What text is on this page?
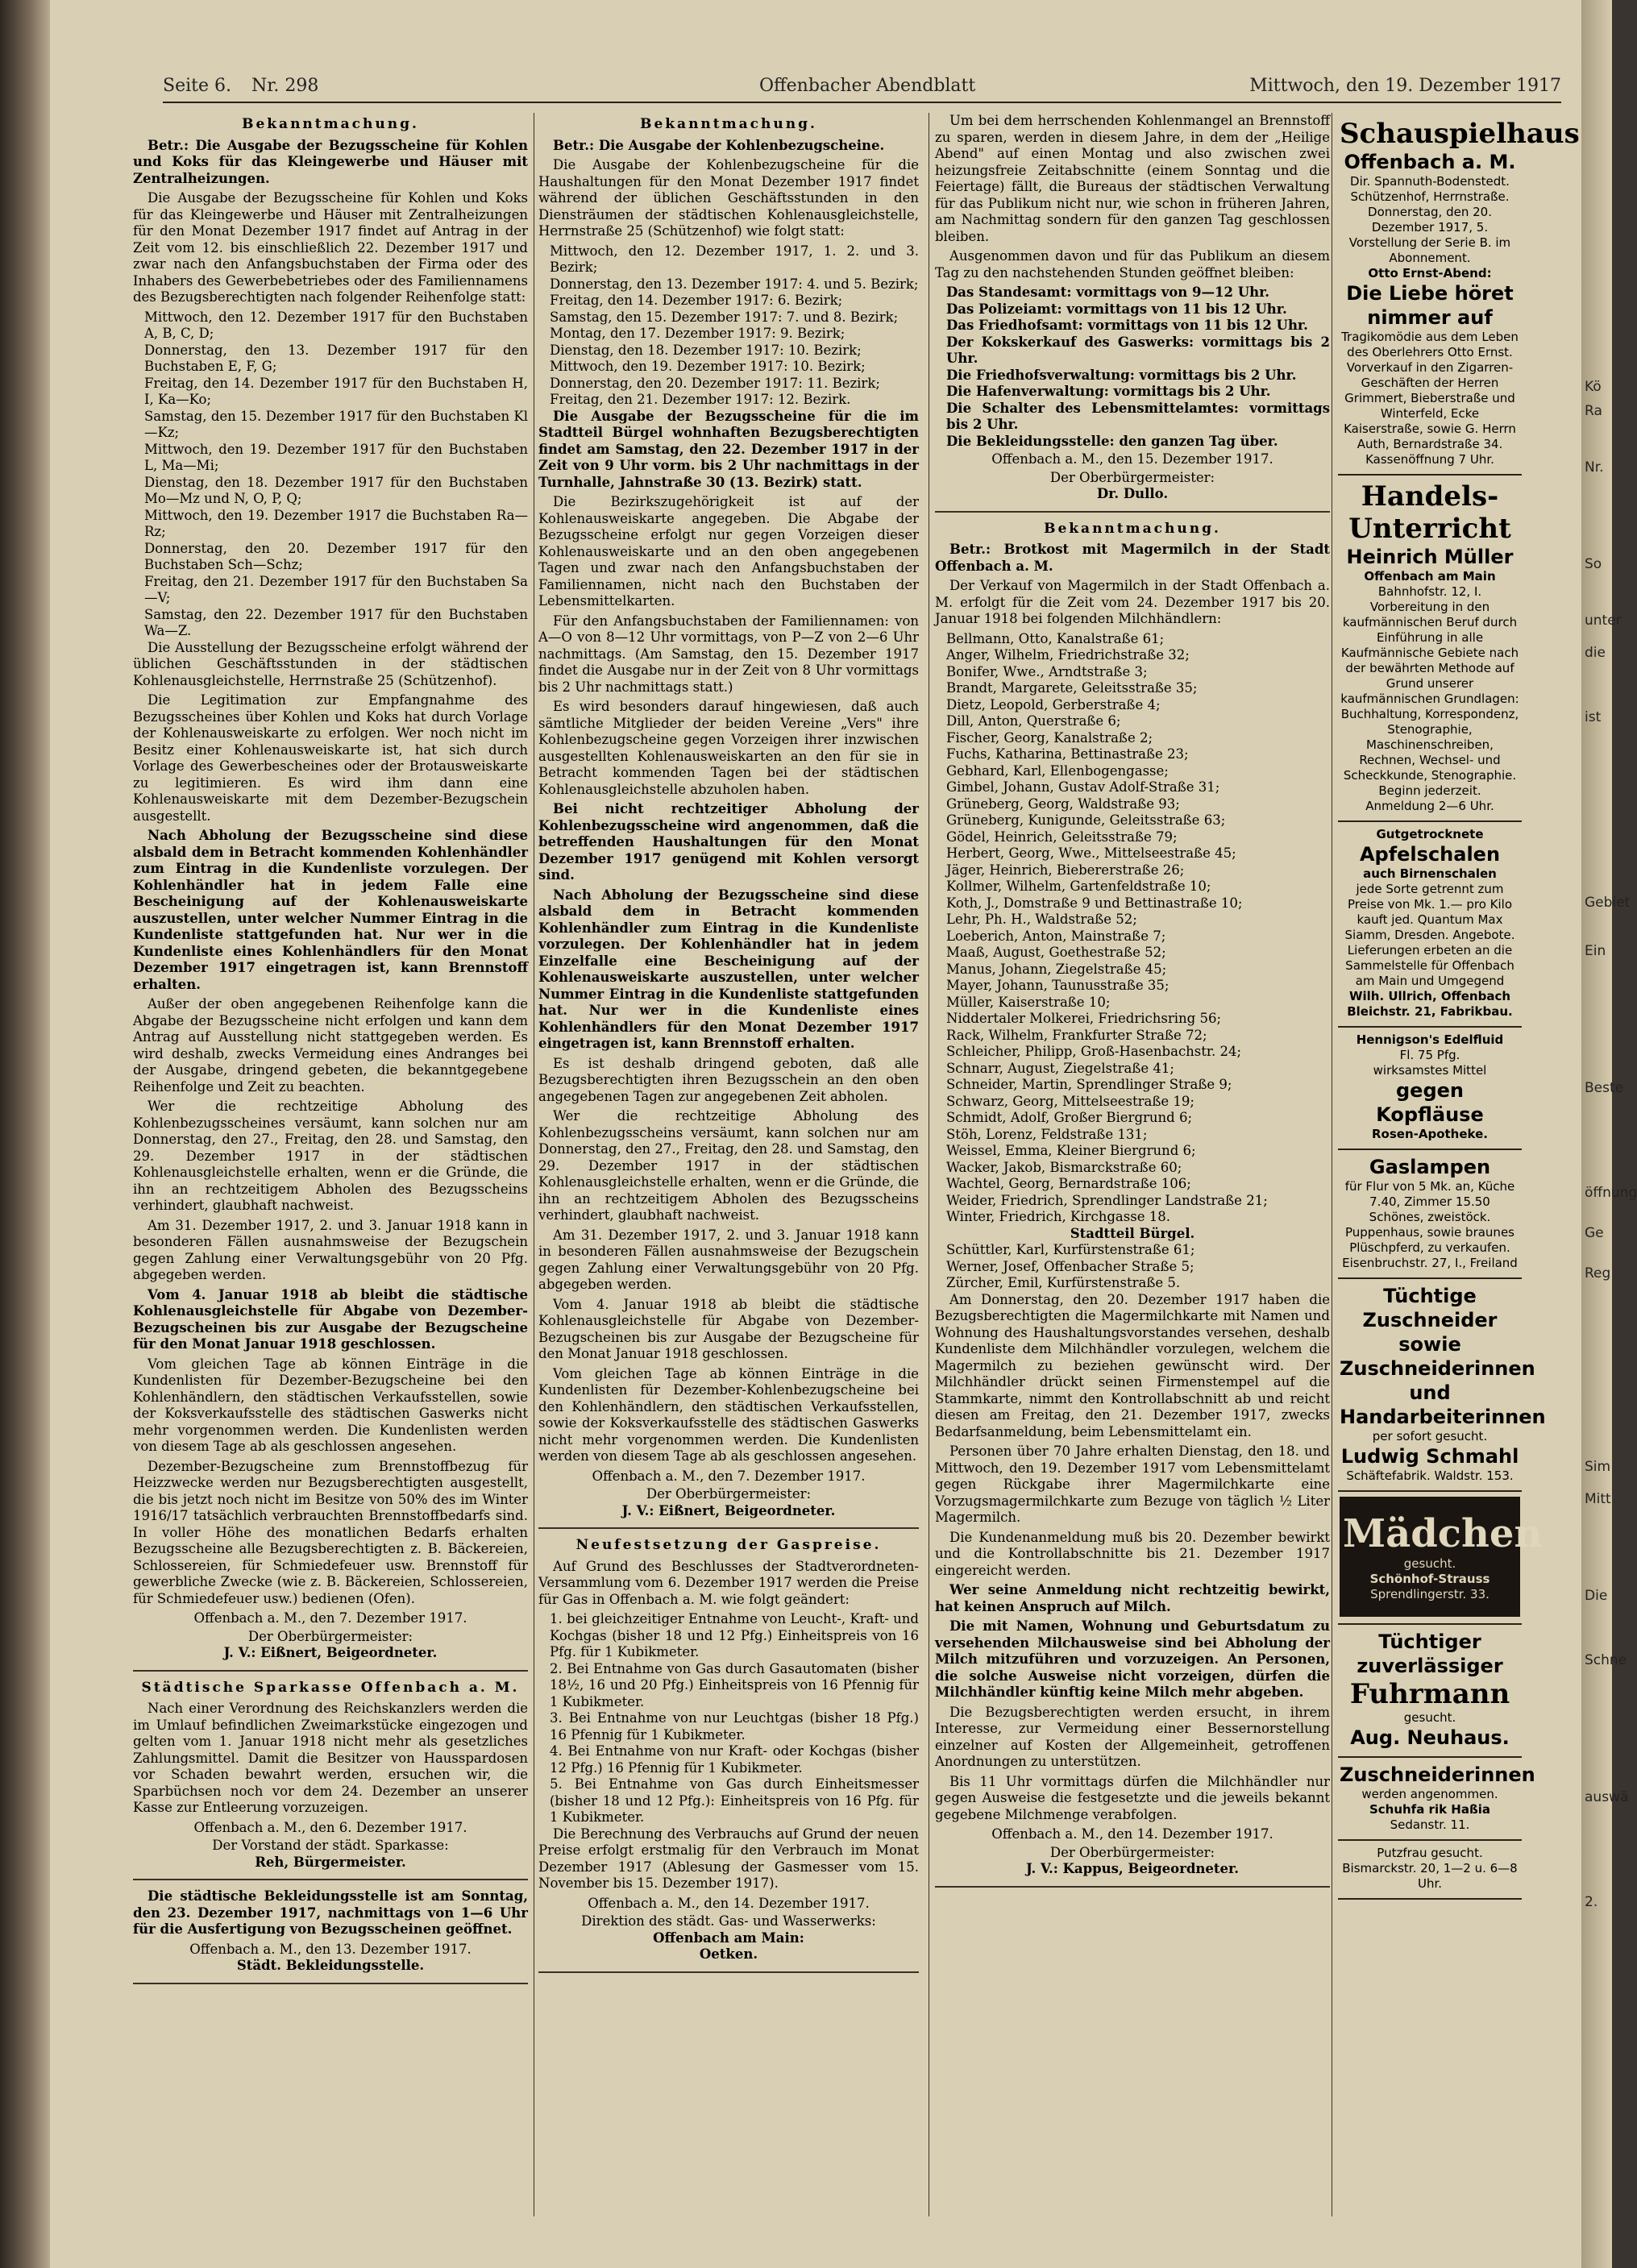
Seite 6. Nr. 298	Offenbacher Abendblatt	Mittwoch, den 19. Dezember 1917
Bekanntmachung.

Betr.: Die Ausgabe der Bezugsscheine für Kohlen und Koks für das Kleingewerbe und Häuser mit Zentralheizungen.

Die Ausgabe der Bezugsscheine für Kohlen und Koks für das Kleingewerbe und Häuser mit Zentralheizungen für den Monat Dezember 1917 findet auf Antrag in der Zeit vom 12. bis einschließlich 22. Dezember 1917 und zwar nach den Anfangsbuchstaben der Firma oder des Inhabers des Gewerbebetriebes oder des Familiennamens des Bezugsberechtigten nach folgender Reihenfolge statt:

Mittwoch, den 12. Dezember 1917 für den Buchstaben A, B, C, D;

Donnerstag, den 13. Dezember 1917 für den Buchstaben E, F, G;

Freitag, den 14. Dezember 1917 für den Buchstaben H, I, Ka—Ko;

Samstag, den 15. Dezember 1917 für den Buchstaben Kl—Kz;

Mittwoch, den 19. Dezember 1917 für den Buchstaben L, Ma—Mi;

Dienstag, den 18. Dezember 1917 für den Buchstaben Mo—Mz und N, O, P, Q;

Mittwoch, den 19. Dezember 1917 die Buchstaben Ra—Rz;

Donnerstag, den 20. Dezember 1917 für den Buchstaben Sch—Schz;

Freitag, den 21. Dezember 1917 für den Buchstaben Sa—V;

Samstag, den 22. Dezember 1917 für den Buchstaben Wa—Z.

Die Ausstellung der Bezugsscheine erfolgt während der üblichen Geschäftsstunden in der städtischen Kohlenausgleichstelle, Herrnstraße 25 (Schützenhof).

Die Legitimation zur Empfangnahme des Bezugsscheines über Kohlen und Koks hat durch Vorlage der Kohlenausweiskarte zu erfolgen. Wer noch nicht im Besitz einer Kohlenausweiskarte ist, hat sich durch Vorlage des Gewerbescheines oder der Brotausweiskarte zu legitimieren. Es wird ihm dann eine Kohlenausweiskarte mit dem Dezember-Bezugschein ausgestellt.

Nach Abholung der Bezugsscheine sind diese alsbald dem in Betracht kommenden Kohlenhändler zum Eintrag in die Kundenliste vorzulegen. Der Kohlenhändler hat in jedem Falle eine Bescheinigung auf der Kohlenausweiskarte auszustellen, unter welcher Nummer Eintrag in die Kundenliste stattgefunden hat. Nur wer in die Kundenliste eines Kohlenhändlers für den Monat Dezember 1917 eingetragen ist, kann Brennstoff erhalten.

Außer der oben angegebenen Reihenfolge kann die Abgabe der Bezugsscheine nicht erfolgen und kann dem Antrag auf Ausstellung nicht stattgegeben werden. Es wird deshalb, zwecks Vermeidung eines Andranges bei der Ausgabe, dringend gebeten, die bekanntgegebene Reihenfolge und Zeit zu beachten.

Wer die rechtzeitige Abholung des Kohlenbezugsscheines versäumt, kann solchen nur am Donnerstag, den 27., Freitag, den 28. und Samstag, den 29. Dezember 1917 in der städtischen Kohlenausgleichstelle erhalten, wenn er die Gründe, die ihn an rechtzeitigem Abholen des Bezugsscheins verhindert, glaubhaft nachweist.

Am 31. Dezember 1917, 2. und 3. Januar 1918 kann in besonderen Fällen ausnahmsweise der Bezugschein gegen Zahlung einer Verwaltungsgebühr von 20 Pfg. abgegeben werden.

Vom 4. Januar 1918 ab bleibt die städtische Kohlenausgleichstelle für Abgabe von Dezember-Bezugscheinen bis zur Ausgabe der Bezugscheine für den Monat Januar 1918 geschlossen.

Vom gleichen Tage ab können Einträge in die Kundenlisten für Dezember-Bezugscheine bei den Kohlenhändlern, den städtischen Verkaufsstellen, sowie der Koksverkaufsstelle des städtischen Gaswerks nicht mehr vorgenommen werden. Die Kundenlisten werden von diesem Tage ab als geschlossen angesehen.

Dezember-Bezugscheine zum Brennstoffbezug für Heizzwecke werden nur Bezugsberechtigten ausgestellt, die bis jetzt noch nicht im Besitze von 50% des im Winter 1916/17 tatsächlich verbrauchten Brennstoffbedarfs sind. In voller Höhe des monatlichen Bedarfs erhalten Bezugsscheine alle Bezugsberechtigten z. B. Bäckereien, Schlossereien, für Schmiedefeuer usw. Brennstoff für gewerbliche Zwecke (wie z. B. Bäckereien, Schlossereien, für Schmiedefeuer usw.) bedienen (Ofen).

Offenbach a. M., den 7. Dezember 1917.

Der Oberbürgermeister:

J. V.: Eißnert, Beigeordneter.

Städtische Sparkasse Offenbach a. M.

Nach einer Verordnung des Reichskanzlers werden die im Umlauf befindlichen Zweimarkstücke eingezogen und gelten vom 1. Januar 1918 nicht mehr als gesetzliches Zahlungsmittel. Damit die Besitzer von Hausspardosen vor Schaden bewahrt werden, ersuchen wir, die Sparbüchsen noch vor dem 24. Dezember an unserer Kasse zur Entleerung vorzuzeigen.

Offenbach a. M., den 6. Dezember 1917.

Der Vorstand der städt. Sparkasse:

Reh, Bürgermeister.

Die städtische Bekleidungsstelle ist am Sonntag, den 23. Dezember 1917, nachmittags von 1—6 Uhr für die Ausfertigung von Bezugsscheinen geöffnet.

Offenbach a. M., den 13. Dezember 1917.

Städt. Bekleidungsstelle.

Bekanntmachung.

Betr.: Die Ausgabe der Kohlenbezugscheine.

Die Ausgabe der Kohlenbezugscheine für die Haushaltungen für den Monat Dezember 1917 findet während der üblichen Geschäftsstunden in den Diensträumen der städtischen Kohlenausgleichstelle, Herrnstraße 25 (Schützenhof) wie folgt statt:

Mittwoch, den 12. Dezember 1917, 1. 2. und 3. Bezirk;

Donnerstag, den 13. Dezember 1917: 4. und 5. Bezirk;

Freitag, den 14. Dezember 1917: 6. Bezirk;

Samstag, den 15. Dezember 1917: 7. und 8. Bezirk;

Montag, den 17. Dezember 1917: 9. Bezirk;

Dienstag, den 18. Dezember 1917: 10. Bezirk;

Mittwoch, den 19. Dezember 1917: 10. Bezirk;

Donnerstag, den 20. Dezember 1917: 11. Bezirk;

Freitag, den 21. Dezember 1917: 12. Bezirk.

Die Ausgabe der Bezugsscheine für die im Stadtteil Bürgel wohnhaften Bezugsberechtigten findet am Samstag, den 22. Dezember 1917 in der Zeit von 9 Uhr vorm. bis 2 Uhr nachmittags in der Turnhalle, Jahnstraße 30 (13. Bezirk) statt.

Die Bezirkszugehörigkeit ist auf der Kohlenausweiskarte angegeben. Die Abgabe der Bezugsscheine erfolgt nur gegen Vorzeigen dieser Kohlenausweiskarte und an den oben angegebenen Tagen und zwar nach den Anfangsbuchstaben der Familiennamen, nicht nach den Buchstaben der Lebensmittelkarten.

Für den Anfangsbuchstaben der Familiennamen: von A—O von 8—12 Uhr vormittags, von P—Z von 2—6 Uhr nachmittags. (Am Samstag, den 15. Dezember 1917 findet die Ausgabe nur in der Zeit von 8 Uhr vormittags bis 2 Uhr nachmittags statt.)

Es wird besonders darauf hingewiesen, daß auch sämtliche Mitglieder der beiden Vereine „Vers" ihre Kohlenbezugscheine gegen Vorzeigen ihrer inzwischen ausgestellten Kohlenausweiskarten an den für sie in Betracht kommenden Tagen bei der städtischen Kohlenausgleichstelle abzuholen haben.

Bei nicht rechtzeitiger Abholung der Kohlenbezugsscheine wird angenommen, daß die betreffenden Haushaltungen für den Monat Dezember 1917 genügend mit Kohlen versorgt sind.

Nach Abholung der Bezugsscheine sind diese alsbald dem in Betracht kommenden Kohlenhändler zum Eintrag in die Kundenliste vorzulegen. Der Kohlenhändler hat in jedem Einzelfalle eine Bescheinigung auf der Kohlenausweiskarte auszustellen, unter welcher Nummer Eintrag in die Kundenliste stattgefunden hat. Nur wer in die Kundenliste eines Kohlenhändlers für den Monat Dezember 1917 eingetragen ist, kann Brennstoff erhalten.

Es ist deshalb dringend geboten, daß alle Bezugsberechtigten ihren Bezugsschein an den oben angegebenen Tagen zur angegebenen Zeit abholen.

Wer die rechtzeitige Abholung des Kohlenbezugsscheins versäumt, kann solchen nur am Donnerstag, den 27., Freitag, den 28. und Samstag, den 29. Dezember 1917 in der städtischen Kohlenausgleichstelle erhalten, wenn er die Gründe, die ihn an rechtzeitigem Abholen des Bezugsscheins verhindert, glaubhaft nachweist.

Am 31. Dezember 1917, 2. und 3. Januar 1918 kann in besonderen Fällen ausnahmsweise der Bezugschein gegen Zahlung einer Verwaltungsgebühr von 20 Pfg. abgegeben werden.

Vom 4. Januar 1918 ab bleibt die städtische Kohlenausgleichstelle für Abgabe von Dezember-Bezugscheinen bis zur Ausgabe der Bezugscheine für den Monat Januar 1918 geschlossen.

Vom gleichen Tage ab können Einträge in die Kundenlisten für Dezember-Kohlenbezugscheine bei den Kohlenhändlern, den städtischen Verkaufsstellen, sowie der Koksverkaufsstelle des städtischen Gaswerks nicht mehr vorgenommen werden. Die Kundenlisten werden von diesem Tage ab als geschlossen angesehen.

Offenbach a. M., den 7. Dezember 1917.

Der Oberbürgermeister:

J. V.: Eißnert, Beigeordneter.

Neufestsetzung der Gaspreise.

Auf Grund des Beschlusses der Stadtverordneten-Versammlung vom 6. Dezember 1917 werden die Preise für Gas in Offenbach a. M. wie folgt geändert:

1. bei gleichzeitiger Entnahme von Leucht-, Kraft- und Kochgas (bisher 18 und 12 Pfg.) Einheitspreis von 16 Pfg. für 1 Kubikmeter.

2. Bei Entnahme von Gas durch Gasautomaten (bisher 18½, 16 und 20 Pfg.) Einheitspreis von 16 Pfennig für 1 Kubikmeter.

3. Bei Entnahme von nur Leuchtgas (bisher 18 Pfg.) 16 Pfennig für 1 Kubikmeter.

4. Bei Entnahme von nur Kraft- oder Kochgas (bisher 12 Pfg.) 16 Pfennig für 1 Kubikmeter.

5. Bei Entnahme von Gas durch Einheitsmesser (bisher 18 und 12 Pfg.): Einheitspreis von 16 Pfg. für 1 Kubikmeter.

Die Berechnung des Verbrauchs auf Grund der neuen Preise erfolgt erstmalig für den Verbrauch im Monat Dezember 1917 (Ablesung der Gasmesser vom 15. November bis 15. Dezember 1917).

Offenbach a. M., den 14. Dezember 1917.

Direktion des städt. Gas- und Wasserwerks:

Offenbach am Main:

Oetken.

Um bei dem herrschenden Kohlenmangel an Brennstoff zu sparen, werden in diesem Jahre, in dem der „Heilige Abend" auf einen Montag und also zwischen zwei heizungsfreie Zeitabschnitte (einem Sonntag und die Feiertage) fällt, die Bureaus der städtischen Verwaltung für das Publikum nicht nur, wie schon in früheren Jahren, am Nachmittag sondern für den ganzen Tag geschlossen bleiben.

Ausgenommen davon und für das Publikum an diesem Tag zu den nachstehenden Stunden geöffnet bleiben:

Das Standesamt: vormittags von 9—12 Uhr.

Das Polizeiamt: vormittags von 11 bis 12 Uhr.

Das Friedhofsamt: vormittags von 11 bis 12 Uhr.

Der Kokskerkauf des Gaswerks: vormittags bis 2 Uhr.

Die Friedhofsverwaltung: vormittags bis 2 Uhr.

Die Hafenverwaltung: vormittags bis 2 Uhr.

Die Schalter des Lebensmittelamtes: vormittags bis 2 Uhr.

Die Bekleidungsstelle: den ganzen Tag über.

Offenbach a. M., den 15. Dezember 1917.

Der Oberbürgermeister:

Dr. Dullo.

Bekanntmachung.

Betr.: Brotkost mit Magermilch in der Stadt Offenbach a. M.

Der Verkauf von Magermilch in der Stadt Offenbach a. M. erfolgt für die Zeit vom 24. Dezember 1917 bis 20. Januar 1918 bei folgenden Milchhändlern:

Bellmann, Otto, Kanalstraße 61;

Anger, Wilhelm, Friedrichstraße 32;

Bonifer, Wwe., Arndtstraße 3;

Brandt, Margarete, Geleitsstraße 35;

Dietz, Leopold, Gerberstraße 4;

Dill, Anton, Querstraße 6;

Fischer, Georg, Kanalstraße 2;

Fuchs, Katharina, Bettinastraße 23;

Gebhard, Karl, Ellenbogengasse;

Gimbel, Johann, Gustav Adolf-Straße 31;

Grüneberg, Georg, Waldstraße 93;

Grüneberg, Kunigunde, Geleitsstraße 63;

Gödel, Heinrich, Geleitsstraße 79;

Herbert, Georg, Wwe., Mittelseestraße 45;

Jäger, Heinrich, Biebererstraße 26;

Kollmer, Wilhelm, Gartenfeldstraße 10;

Koth, J., Domstraße 9 und Bettinastraße 10;

Lehr, Ph. H., Waldstraße 52;

Loeberich, Anton, Mainstraße 7;

Maaß, August, Goethestraße 52;

Manus, Johann, Ziegelstraße 45;

Mayer, Johann, Taunusstraße 35;

Müller, Kaiserstraße 10;

Niddertaler Molkerei, Friedrichsring 56;

Rack, Wilhelm, Frankfurter Straße 72;

Schleicher, Philipp, Groß-Hasenbachstr. 24;

Schnarr, August, Ziegelstraße 41;

Schneider, Martin, Sprendlinger Straße 9;

Schwarz, Georg, Mittelseestraße 19;

Schmidt, Adolf, Großer Biergrund 6;

Stöh, Lorenz, Feldstraße 131;

Weissel, Emma, Kleiner Biergrund 6;

Wacker, Jakob, Bismarckstraße 60;

Wachtel, Georg, Bernardstraße 106;

Weider, Friedrich, Sprendlinger Landstraße 21;

Winter, Friedrich, Kirchgasse 18.

Stadtteil Bürgel.

Schüttler, Karl, Kurfürstenstraße 61;

Werner, Josef, Offenbacher Straße 5;

Zürcher, Emil, Kurfürstenstraße 5.

Am Donnerstag, den 20. Dezember 1917 haben die Bezugsberechtigten die Magermilchkarte mit Namen und Wohnung des Haushaltungsvorstandes versehen, deshalb Kundenliste dem Milchhändler vorzulegen, welchem die Magermilch zu beziehen gewünscht wird. Der Milchhändler drückt seinen Firmenstempel auf die Stammkarte, nimmt den Kontrollabschnitt ab und reicht diesen am Freitag, den 21. Dezember 1917, zwecks Bedarfsanmeldung, beim Lebensmittelamt ein.

Personen über 70 Jahre erhalten Dienstag, den 18. und Mittwoch, den 19. Dezember 1917 vom Lebensmittelamt gegen Rückgabe ihrer Magermilchkarte eine Vorzugsmagermilchkarte zum Bezuge von täglich ½ Liter Magermilch.

Die Kundenanmeldung muß bis 20. Dezember bewirkt und die Kontrollabschnitte bis 21. Dezember 1917 eingereicht werden.

Wer seine Anmeldung nicht rechtzeitig bewirkt, hat keinen Anspruch auf Milch.

Die mit Namen, Wohnung und Geburtsdatum zu versehenden Milchausweise sind bei Abholung der Milch mitzuführen und vorzuzeigen. An Personen, die solche Ausweise nicht vorzeigen, dürfen die Milchhändler künftig keine Milch mehr abgeben.

Die Bezugsberechtigten werden ersucht, in ihrem Interesse, zur Vermeidung einer Bessernorstellung einzelner auf Kosten der Allgemeinheit, getroffenen Anordnungen zu unterstützen.

Bis 11 Uhr vormittags dürfen die Milchhändler nur gegen Ausweise die festgesetzte und die jeweils bekannt gegebene Milchmenge verabfolgen.

Offenbach a. M., den 14. Dezember 1917.

Der Oberbürgermeister:

J. V.: Kappus, Beigeordneter.

Schauspielhaus
Offenbach a. M.
Dir. Spannuth-Bodenstedt.
Schützenhof, Herrnstraße.
Donnerstag, den 20. Dezember 1917, 5. Vorstellung der Serie B. im Abonnement.
Otto Ernst-Abend:
Die Liebe höret nimmer auf
Tragikomödie aus dem Leben des Oberlehrers Otto Ernst.
Vorverkauf in den Zigarren-Geschäften der Herren Grimmert, Bieberstraße und Winterfeld, Ecke Kaiserstraße, sowie G. Herrn Auth, Bernardstraße 34.
Kassenöffnung 7 Uhr.
Handels-
Unterricht
Heinrich Müller
Offenbach am Main
Bahnhofstr. 12, I.
Vorbereitung in den kaufmännischen Beruf durch Einführung in alle Kaufmännische Gebiete nach der bewährten Methode auf Grund unserer kaufmännischen Grundlagen: Buchhaltung, Korrespondenz, Stenographie, Maschinenschreiben, Rechnen, Wechsel- und Scheckkunde, Stenographie. Beginn jederzeit.
Anmeldung 2—6 Uhr.
Gutgetrocknete
Apfelschalen
auch Birnenschalen
jede Sorte getrennt zum Preise von Mk. 1.— pro Kilo kauft jed. Quantum Max Siamm, Dresden. Angebote. Lieferungen erbeten an die Sammelstelle für Offenbach am Main und Umgegend
Wilh. Ullrich, Offenbach
Bleichstr. 21, Fabrikbau.
Hennigson's Edelfluid
Fl. 75 Pfg.
wirksamstes Mittel
gegen Kopfläuse
Rosen-Apotheke.
Gaslampen
für Flur von 5 Mk. an, Küche 7.40, Zimmer 15.50
Schönes, zweistöck. Puppenhaus, sowie braunes Plüschpferd, zu verkaufen.
Eisenbruchstr. 27, I., Freiland
Tüchtige Zuschneider
sowie Zuschneiderinnen
und Handarbeiterinnen
per sofort gesucht.
Ludwig Schmahl
Schäftefabrik. Waldstr. 153.
Mädchen
gesucht.
Schönhof-Strauss
Sprendlingerstr. 33.
Tüchtiger
zuverlässiger
Fuhrmann
gesucht.
Aug. Neuhaus.
Zuschneiderinnen
werden angenommen.
Schuhfa rik Haßia
Sedanstr. 11.
Putzfrau gesucht. Bismarckstr. 20, 1—2 u. 6—8 Uhr.
Kö
Ra
Nr.
So
unter
die
ist
Gebiet
Ein
Beste
öffnung
Ge
Reg
Sim
Mitt
Die
Schne
auswä
2.
